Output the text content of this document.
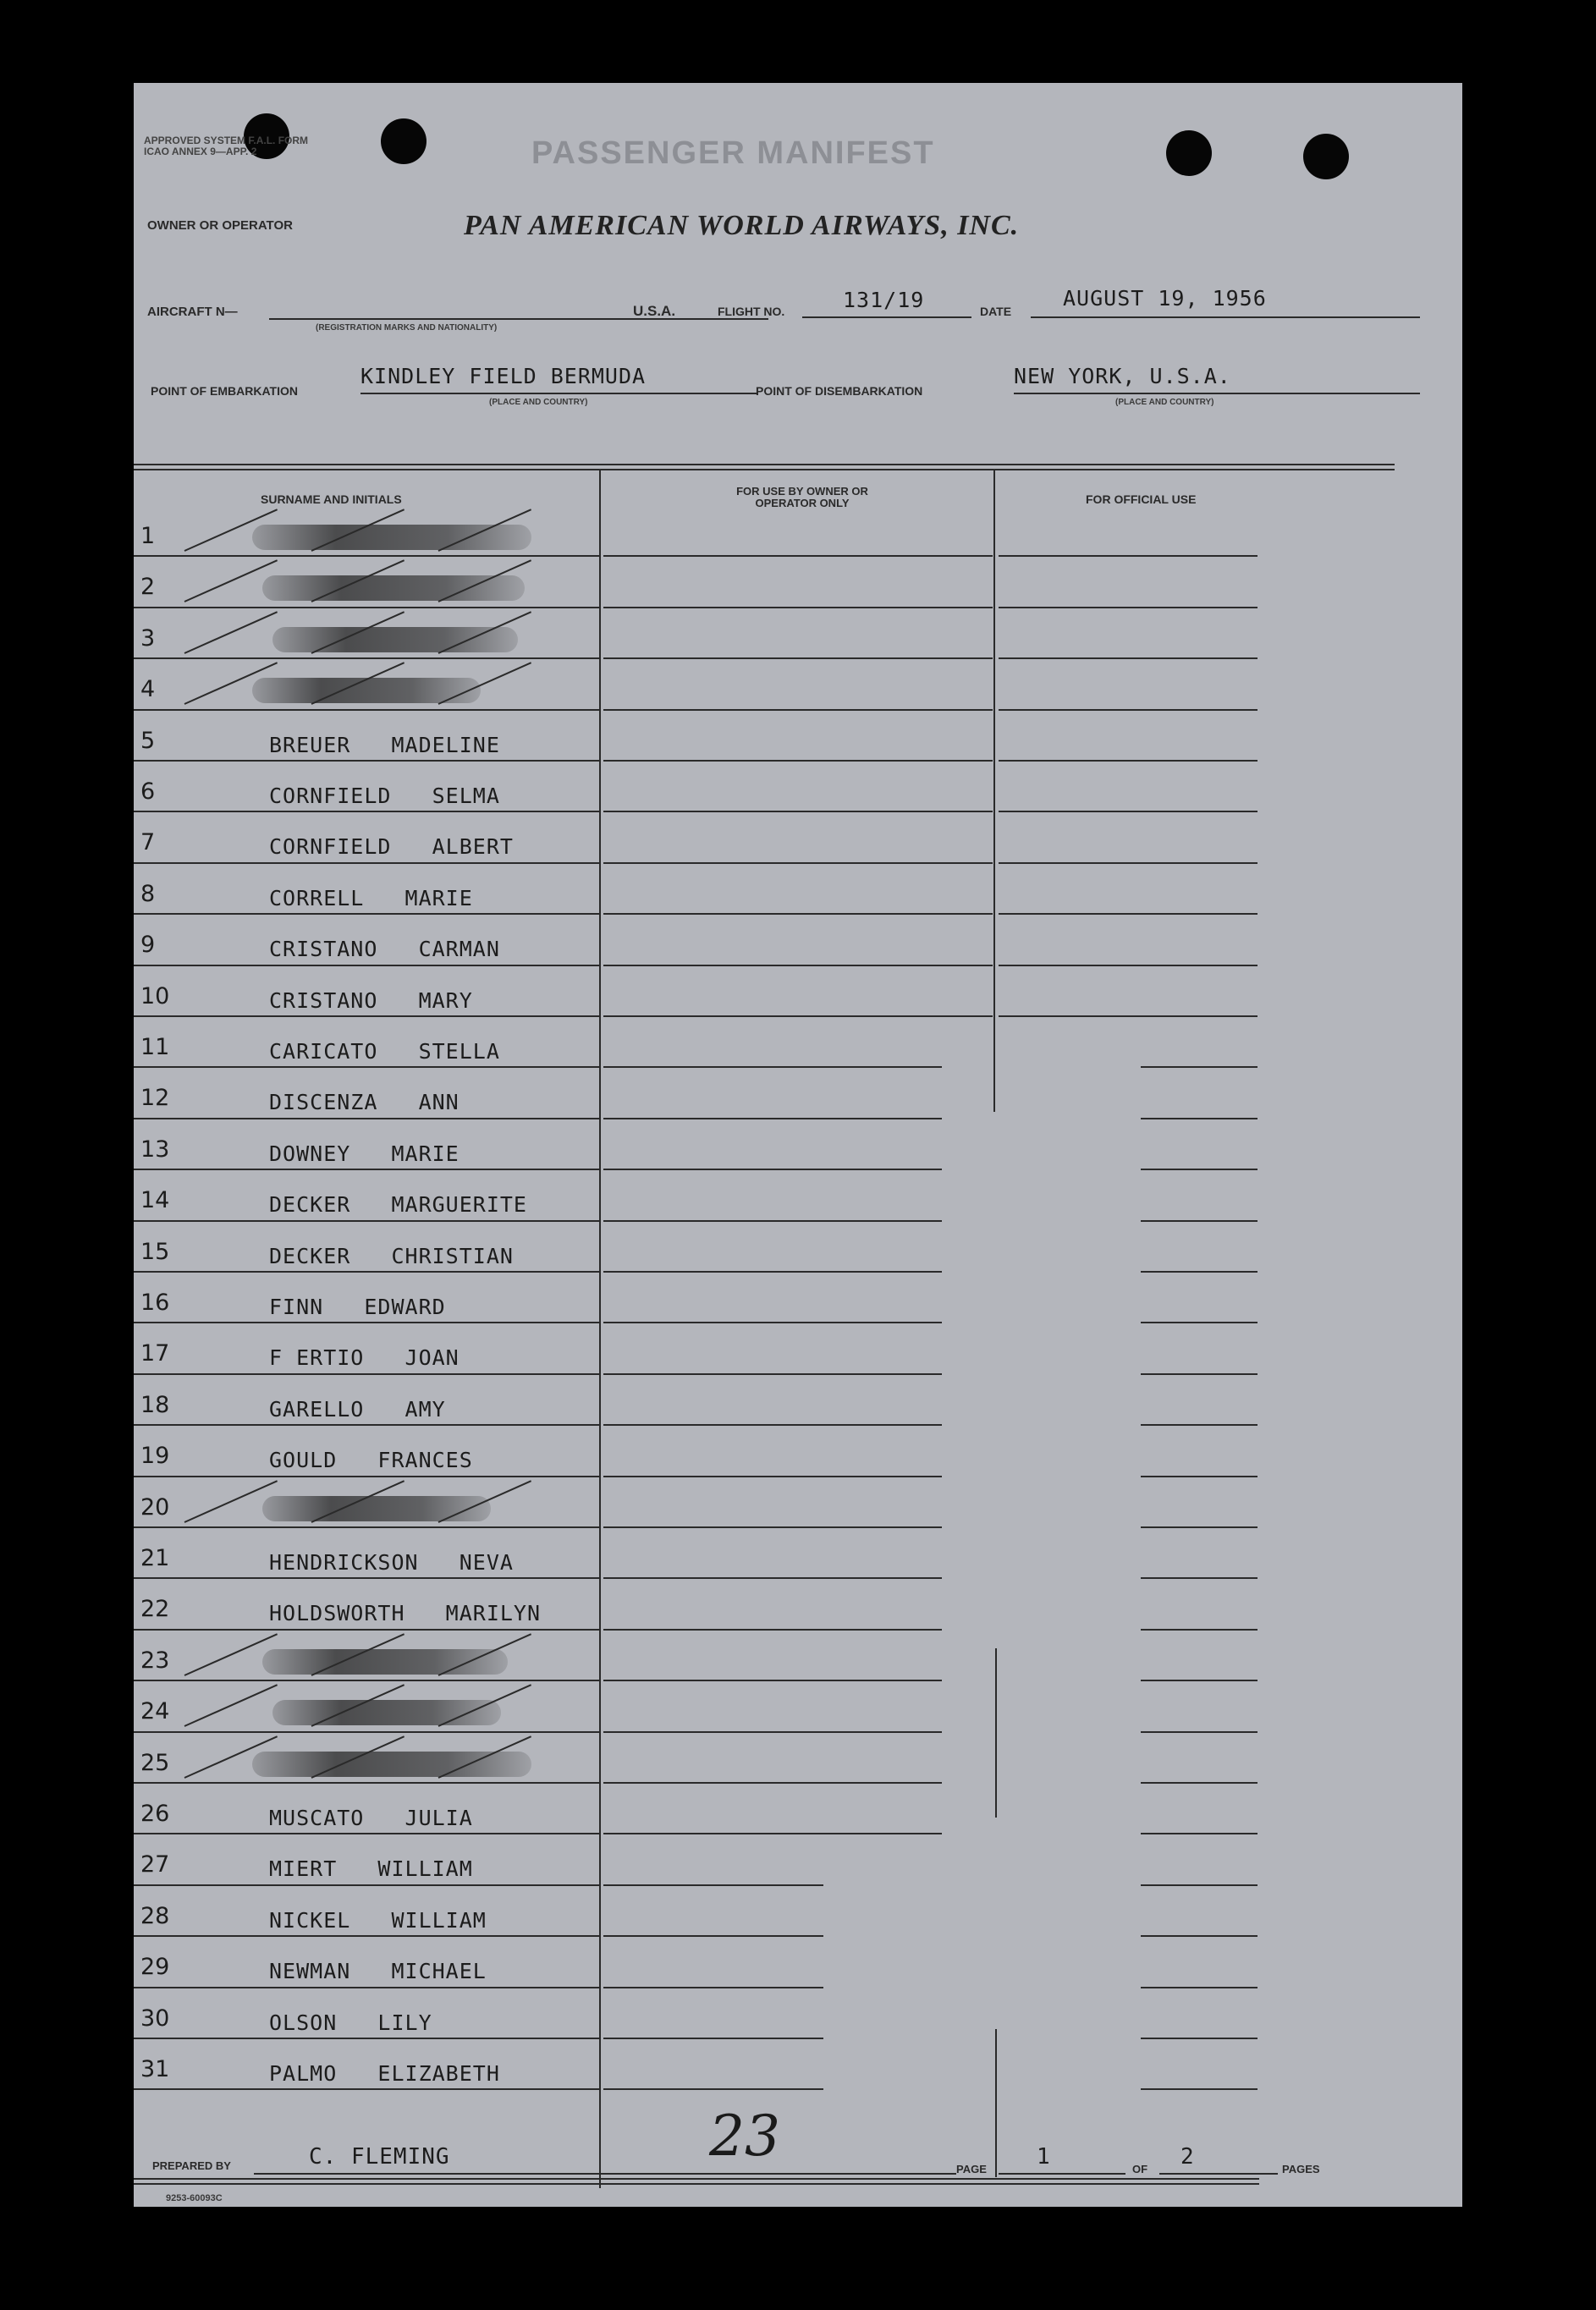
APPROVED SYSTEM F.A.L. FORM ICAO ANNEX 9—APP. 2	PASSENGER MANIFEST
OWNER OR OPERATOR	PAN AMERICAN WORLD AIRWAYS, INC.
AIRCRAFT N—
(REGISTRATION MARKS AND NATIONALITY)
U.S.A.	FLIGHT NO.	131/19	DATE
AUGUST 19, 1956
POINT OF EMBARKATION
KINDLEY FIELD BERMUDA
(PLACE AND COUNTRY)
POINT OF DISEMBARKATION
NEW YORK, U.S.A.
(PLACE AND COUNTRY)
SURNAME AND INITIALS
FOR USE BY OWNER OR OPERATOR ONLY	FOR OFFICIAL USE
1
2
3
4
5	BREUER MADELINE
6	CORNFIELD SELMA
7	CORNFIELD ALBERT
8	CORRELL MARIE
9	CRISTANO CARMAN
10	CRISTANO MARY
11	CARICATO STELLA
12	DISCENZA ANN
13	DOWNEY MARIE
14	DECKER MARGUERITE
15	DECKER CHRISTIAN
16	FINN EDWARD
17	F ERTIO JOAN
18	GARELLO AMY
19	GOULD FRANCES
20
21	HENDRICKSON NEVA
22	HOLDSWORTH MARILYN
23
24
25
26	MUSCATO JULIA
27	MIERT WILLIAM
28	NICKEL WILLIAM
29	NEWMAN MICHAEL
30	OLSON LILY
31	PALMO ELIZABETH
23
PREPARED BY	C. FLEMING	PAGE 1	OF 2	PAGES
9253-60093C
